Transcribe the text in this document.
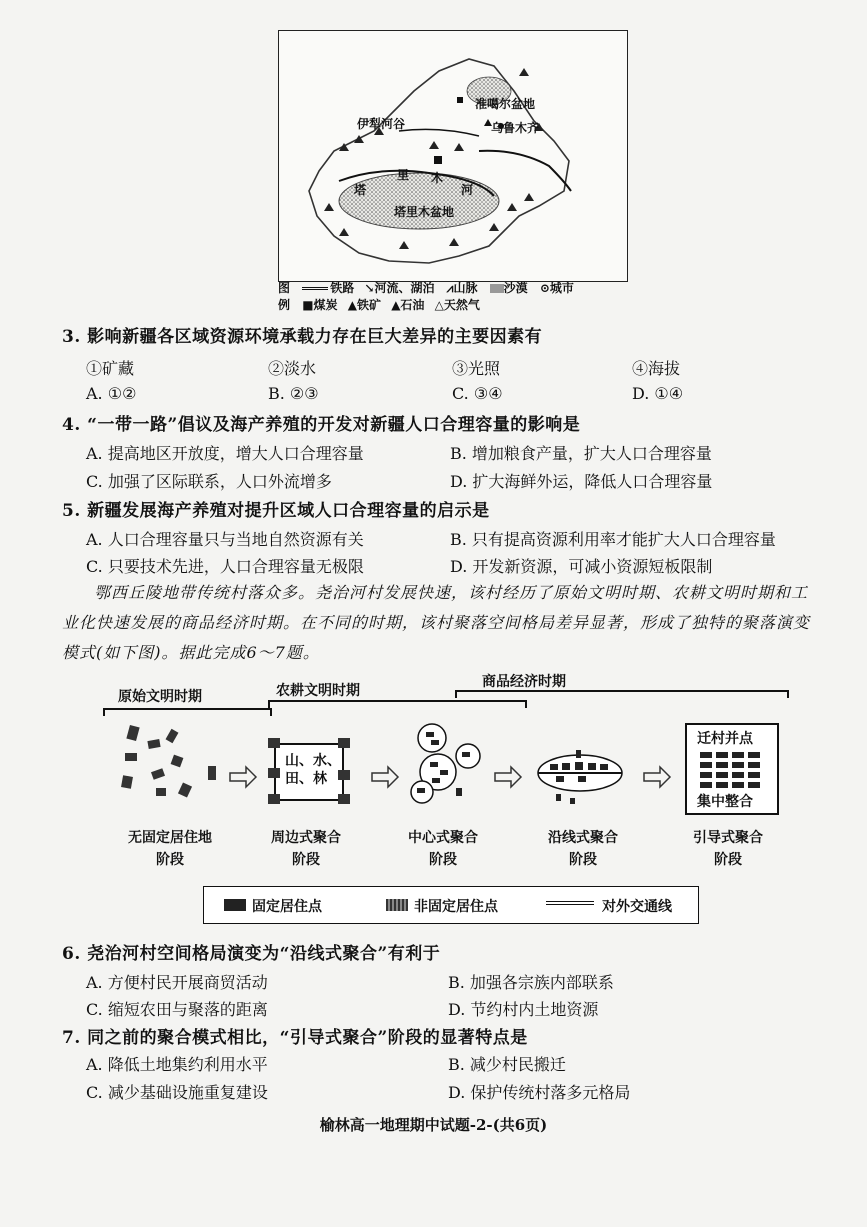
准噶尔盆地
伊犁河谷	乌鲁木齐
塔里木盆地
塔
里 木
河
图	铁路 ↘河流、湖泊 ⩘山脉 沙漠 ⊙城市
例 ■煤炭 ▲铁矿 ▲石油 △天然气
3. 影响新疆各区域资源环境承载力存在巨大差异的主要因素有
①矿藏	②淡水	③光照	④海拔
A. ①②	B. ②③	C. ③④	D. ①④
4. “一带一路”倡议及海产养殖的开发对新疆人口合理容量的影响是
A. 提高地区开放度，增大人口合理容量	B. 增加粮食产量，扩大人口合理容量
C. 加强了区际联系，人口外流增多	D. 扩大海鲜外运，降低人口合理容量
5. 新疆发展海产养殖对提升区域人口合理容量的启示是
A. 人口合理容量只与当地自然资源有关	B. 只有提高资源利用率才能扩大人口合理容量
C. 只要技术先进，人口合理容量无极限	D. 开发新资源，可减小资源短板限制

鄂西丘陵地带传统村落众多。尧治河村发展快速，该村经历了原始文明时期、农耕文明时期和工业化快速发展的商品经济时期。在不同的时期，该村聚落空间格局差异显著，形成了独特的聚落演变模式(如下图)。据此完成6～7题。

原始文明时期	农耕文明时期
商品经济时期
山、水、
田、林
迁村并点
集中整合
无固定居住地
阶段
周边式聚合
阶段
中心式聚合
阶段
沿线式聚合
阶段
引导式聚合
阶段
固定居住点	非固定居住点	对外交通线
6. 尧治河村空间格局演变为“沿线式聚合”有利于
A. 方便村民开展商贸活动	B. 加强各宗族内部联系
C. 缩短农田与聚落的距离	D. 节约村内土地资源
7. 同之前的聚合模式相比，“引导式聚合”阶段的显著特点是
A. 降低土地集约利用水平	B. 减少村民搬迁
C. 减少基础设施重复建设	D. 保护传统村落多元格局
榆林高一地理期中试题-2-(共6页)
